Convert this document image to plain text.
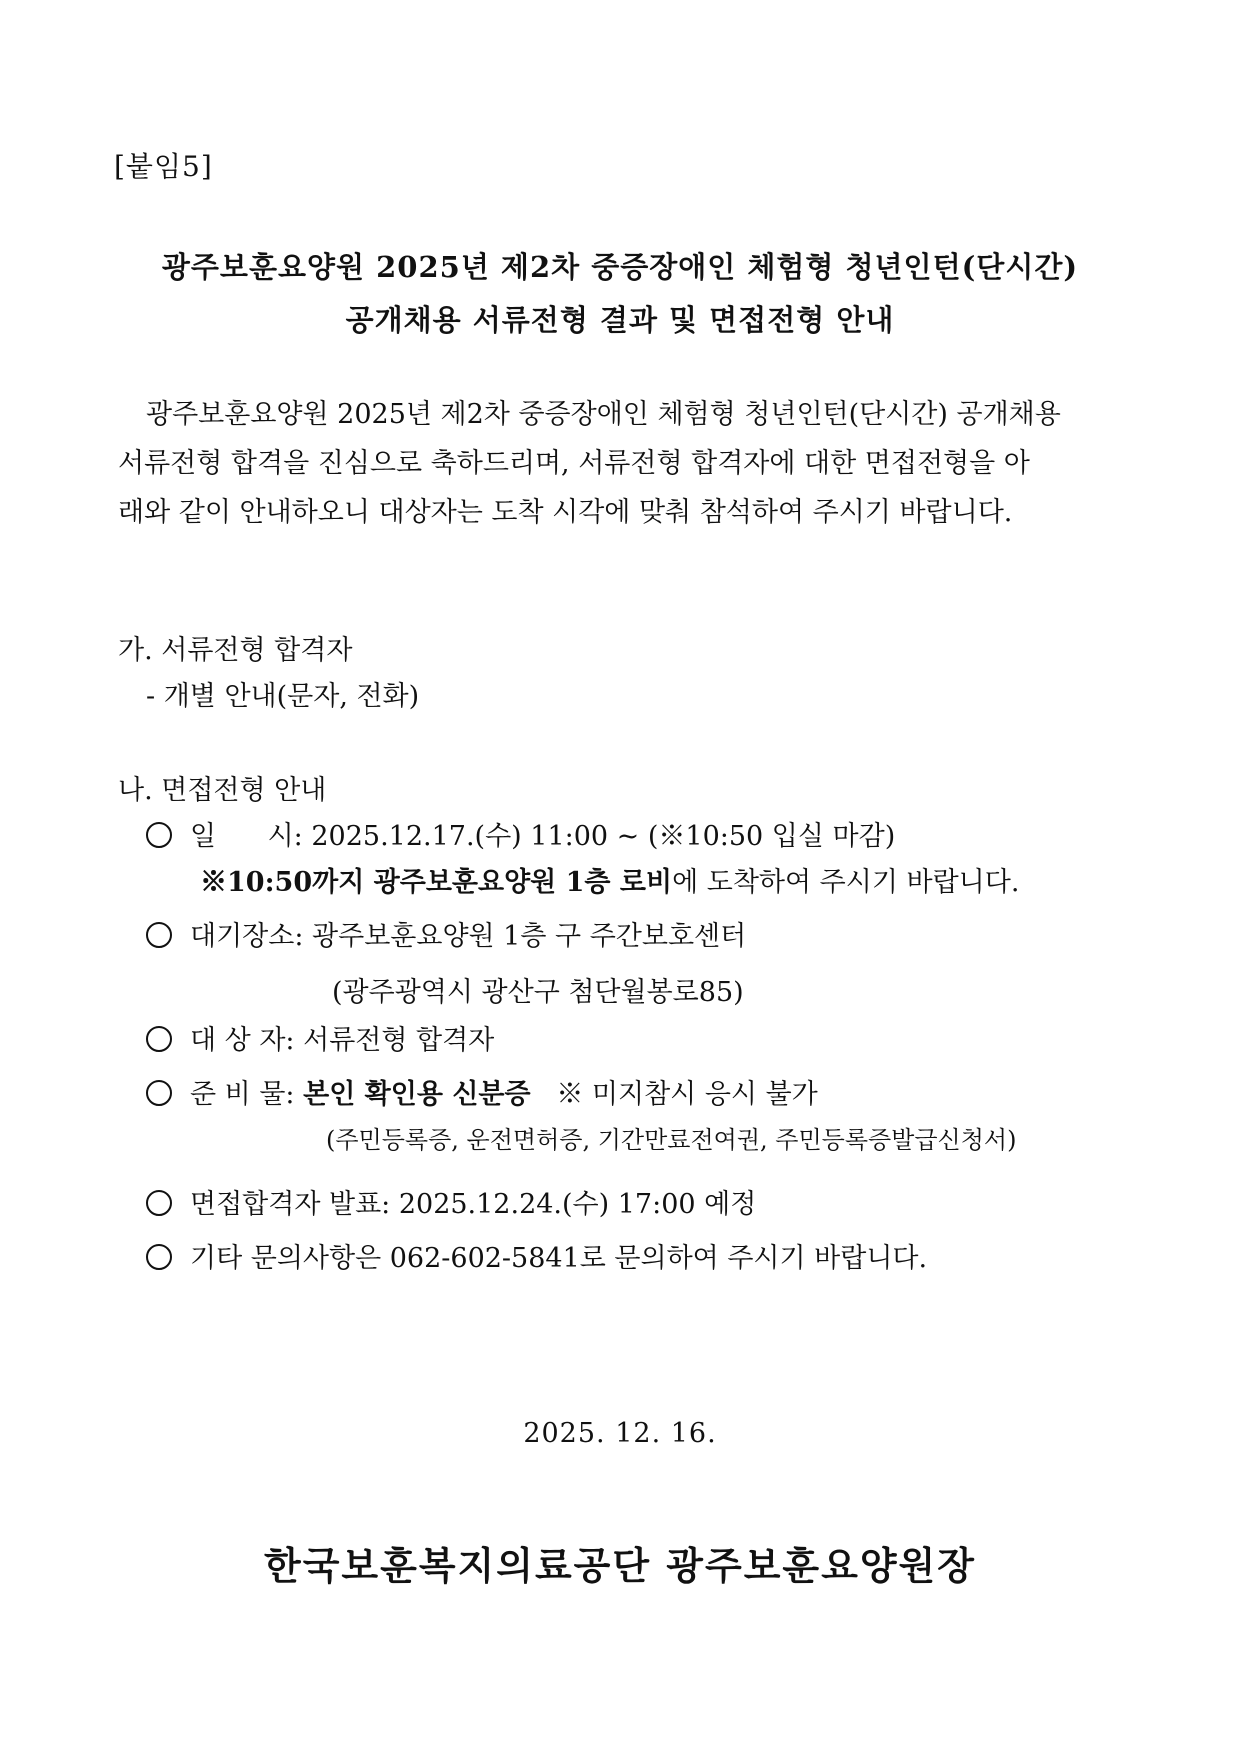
[붙임5]
광주보훈요양원 2025년 제2차 중증장애인 체험형 청년인턴(단시간)
공개채용 서류전형 결과 및 면접전형 안내

광주보훈요양원 2025년 제2차 중증장애인 체험형 청년인턴(단시간) 공개채용

서류전형 합격을 진심으로 축하드리며, 서류전형 합격자에 대한 면접전형을 아

래와 같이 안내하오니 대상자는 도착 시각에 맞춰 참석하여 주시기 바랍니다.

가. 서류전형 합격자
- 개별 안내(문자, 전화)
나. 면접전형 안내
일      시: 2025.12.17.(수) 11:00 ~ (※10:50 입실 마감)
※10:50까지 광주보훈요양원 1층 로비에 도착하여 주시기 바랍니다.
대기장소: 광주보훈요양원 1층 구 주간보호센터
(광주광역시 광산구 첨단월봉로85)
대 상 자: 서류전형 합격자
준 비 물: 본인 확인용 신분증 ※ 미지참시 응시 불가
(주민등록증, 운전면허증, 기간만료전여권, 주민등록증발급신청서)
면접합격자 발표: 2025.12.24.(수) 17:00 예정
기타 문의사항은 062-602-5841로 문의하여 주시기 바랍니다.
2025. 12. 16.
한국보훈복지의료공단 광주보훈요양원장
